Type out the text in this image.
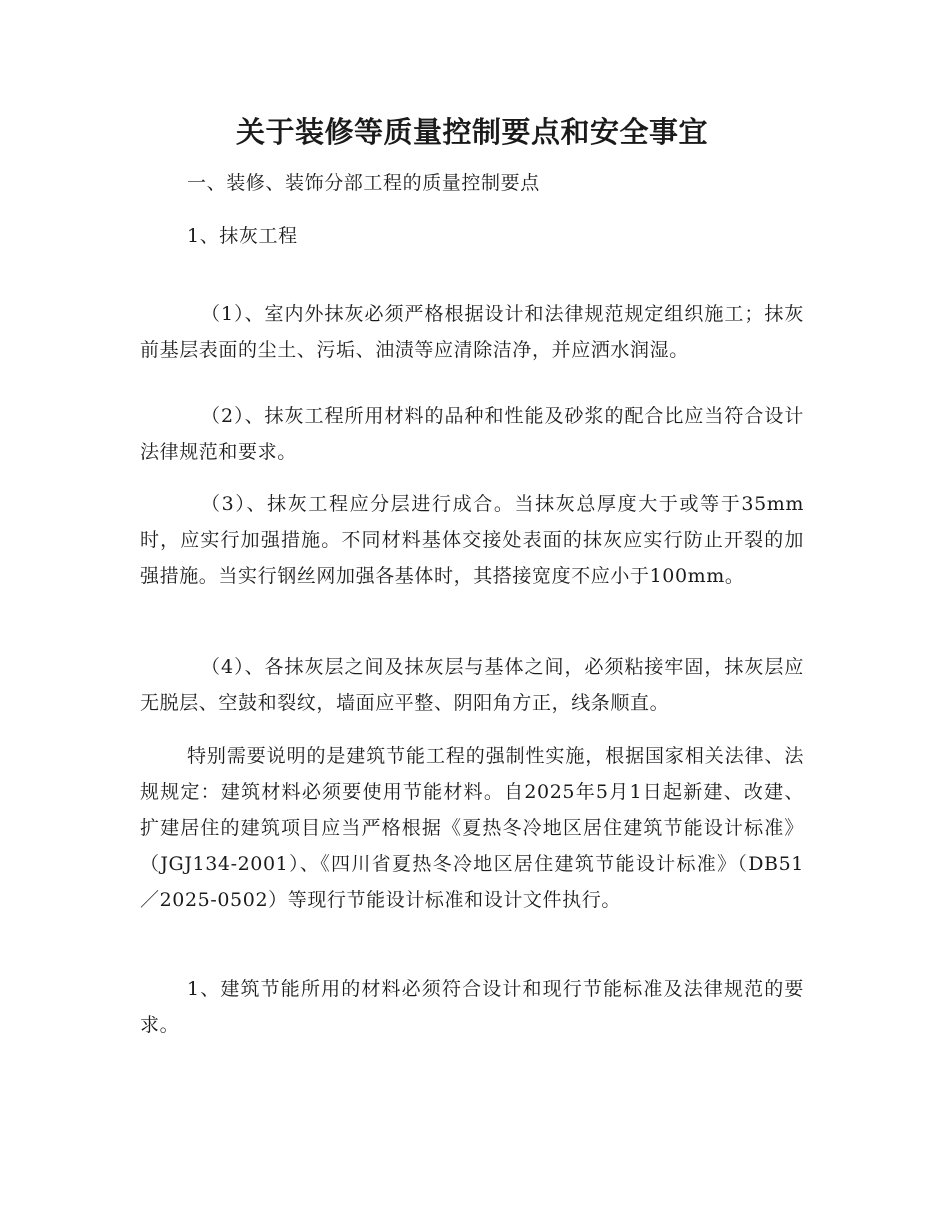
关于装修等质量控制要点和安全事宜

一、装修、装饰分部工程的质量控制要点

1、抹灰工程

（1）、室内外抹灰必须严格根据设计和法律规范规定组织施工；抹灰前基层表面的尘土、污垢、油渍等应清除洁净，并应洒水润湿。

（2）、抹灰工程所用材料的品种和性能及砂浆的配合比应当符合设计法律规范和要求。

（3）、抹灰工程应分层进行成合。当抹灰总厚度大于或等于35mm时，应实行加强措施。不同材料基体交接处表面的抹灰应实行防止开裂的加强措施。当实行钢丝网加强各基体时，其搭接宽度不应小于100mm。

（4）、各抹灰层之间及抹灰层与基体之间，必须粘接牢固，抹灰层应无脱层、空鼓和裂纹，墙面应平整、阴阳角方正，线条顺直。

特别需要说明的是建筑节能工程的强制性实施，根据国家相关法律、法规规定：建筑材料必须要使用节能材料。自2025年5月1日起新建、改建、扩建居住的建筑项目应当严格根据《夏热冬冷地区居住建筑节能设计标准》（JGJ134-2001）、《四川省夏热冬冷地区居住建筑节能设计标准》（DB51／2025-0502）等现行节能设计标准和设计文件执行。

1、建筑节能所用的材料必须符合设计和现行节能标准及法律规范的要求。
